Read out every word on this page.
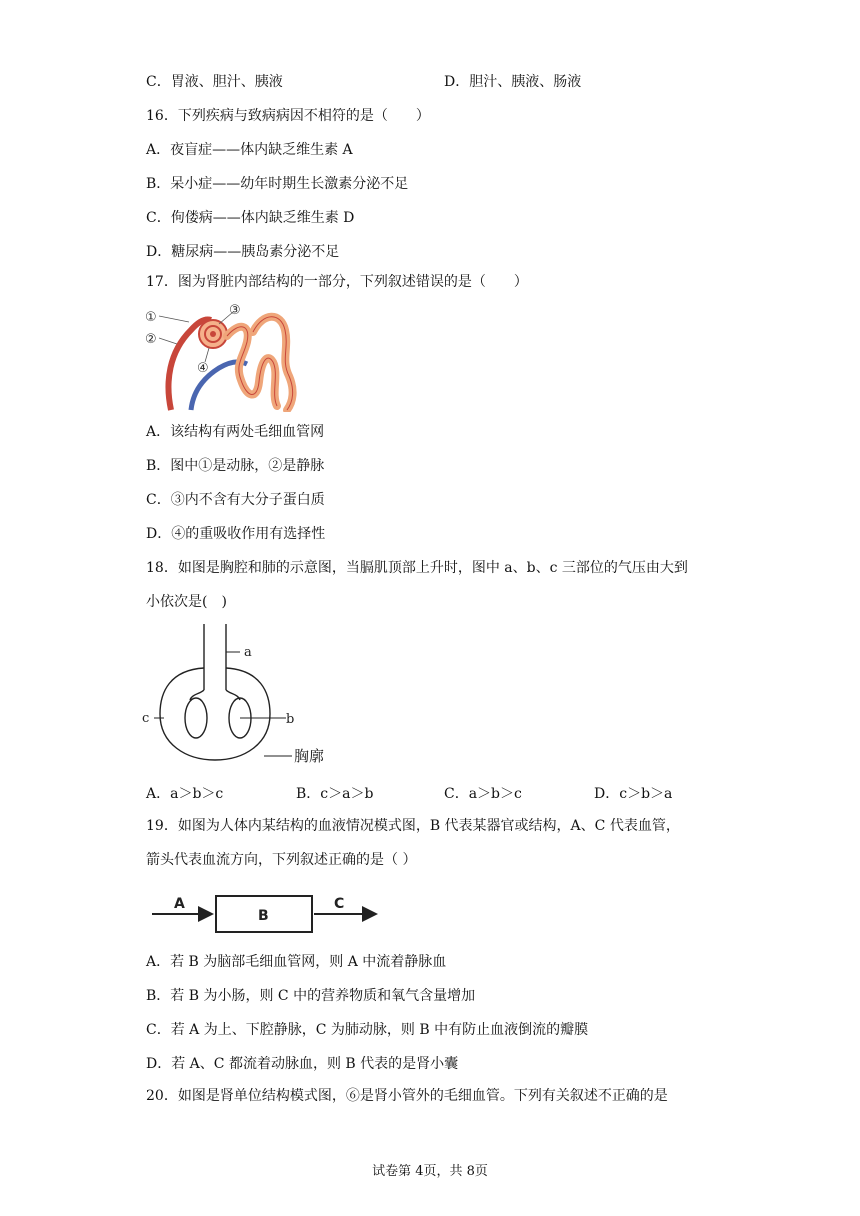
C．胃液、胆汁、胰液	D．胆汁、胰液、肠液
16．下列疾病与致病病因不相符的是（　　）
A．夜盲症——体内缺乏维生素 A
B．呆小症——幼年时期生长激素分泌不足
C．佝偻病——体内缺乏维生素 D
D．糖尿病——胰岛素分泌不足
17．图为肾脏内部结构的一部分，下列叙述错误的是（　　）
①
②
③
④
A．该结构有两处毛细血管网
B．图中①是动脉，②是静脉
C．③内不含有大分子蛋白质
D．④的重吸收作用有选择性
18．如图是胸腔和肺的示意图，当膈肌顶部上升时，图中 a、b、c 三部位的气压由大到
小依次是(　)
a
c	b
胸廓
A．a＞b＞c	B．c＞a＞b	C．a＞b＞c	D．c＞b＞a
19．如图为人体内某结构的血液情况模式图，B 代表某器官或结构，A、C 代表血管，
箭头代表血流方向，下列叙述正确的是（ ）
A
B
C
A．若 B 为脑部毛细血管网，则 A 中流着静脉血
B．若 B 为小肠，则 C 中的营养物质和氧气含量增加
C．若 A 为上、下腔静脉，C 为肺动脉，则 B 中有防止血液倒流的瓣膜
D．若 A、C 都流着动脉血，则 B 代表的是肾小囊
20．如图是肾单位结构模式图，⑥是肾小管外的毛细血管。下列有关叙述不正确的是
试卷第 4页，共 8页
